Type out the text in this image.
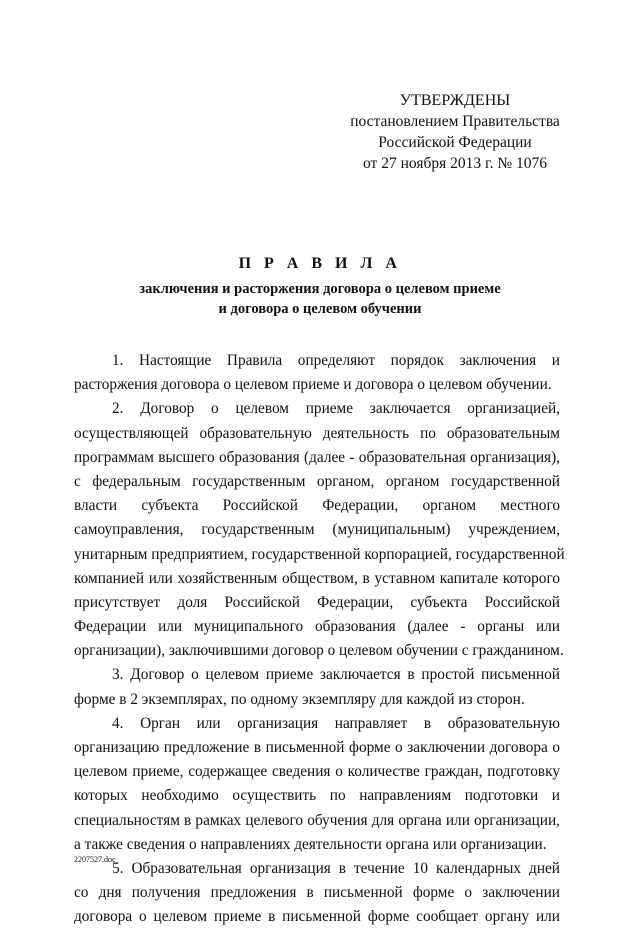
УТВЕРЖДЕНЫ
постановлением Правительства
Российской Федерации
от 27 ноября 2013 г. № 1076
П Р А В И Л А
заключения и расторжения договора о целевом приеме
и договора о целевом обучении
1. Настоящие Правила определяют порядок заключения и
расторжения договора о целевом приеме и договора о целевом обучении.
2. Договор о целевом приеме заключается организацией,
осуществляющей образовательную деятельность по образовательным
программам высшего образования (далее - образовательная организация),
с федеральным государственным органом, органом государственной
власти субъекта Российской Федерации, органом местного
самоуправления, государственным (муниципальным) учреждением,
унитарным предприятием, государственной корпорацией, государственной
компанией или хозяйственным обществом, в уставном капитале которого
присутствует доля Российской Федерации, субъекта Российской
Федерации или муниципального образования (далее - органы или
организации), заключившими договор о целевом обучении с гражданином.
3. Договор о целевом приеме заключается в простой письменной
форме в 2 экземплярах, по одному экземпляру для каждой из сторон.
4. Орган или организация направляет в образовательную
организацию предложение в письменной форме о заключении договора о
целевом приеме, содержащее сведения о количестве граждан, подготовку
которых необходимо осуществить по направлениям подготовки и
специальностям в рамках целевого обучения для органа или организации,
а также сведения о направлениях деятельности органа или организации.
5. Образовательная организация в течение 10 календарных дней
со дня получения предложения в письменной форме о заключении
договора о целевом приеме в письменной форме сообщает органу или
2207527.doc
